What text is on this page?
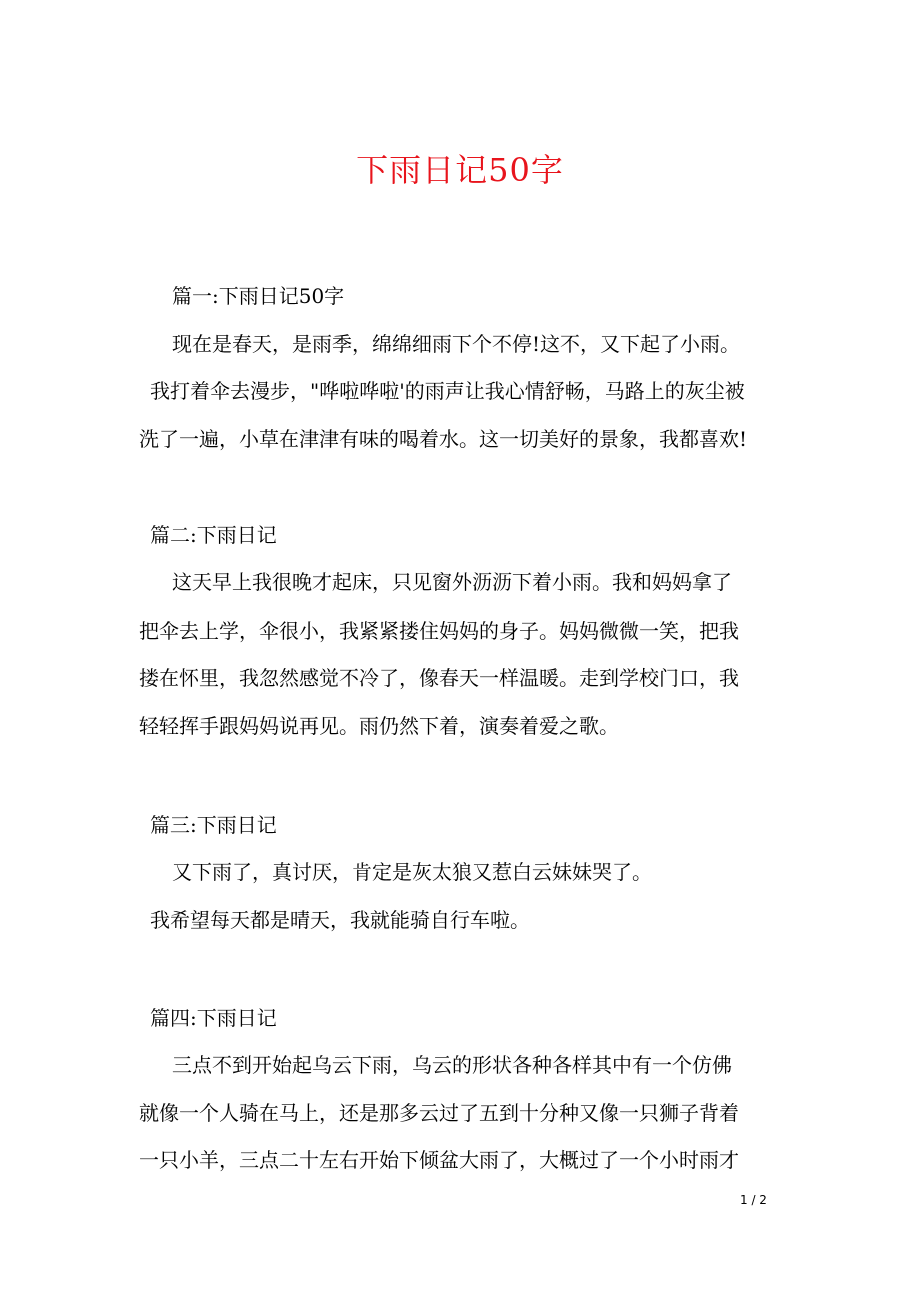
下雨日记50字

篇一:下雨日记50字

现在是春天，是雨季，绵绵细雨下个不停!这不，又下起了小雨。

我打着伞去漫步，"哗啦哗啦'的雨声让我心情舒畅，马路上的灰尘被

洗了一遍，小草在津津有味的喝着水。这一切美好的景象，我都喜欢!

篇二:下雨日记

这天早上我很晚才起床，只见窗外沥沥下着小雨。我和妈妈拿了

把伞去上学，伞很小，我紧紧搂住妈妈的身子。妈妈微微一笑，把我

搂在怀里，我忽然感觉不冷了，像春天一样温暖。走到学校门口，我

轻轻挥手跟妈妈说再见。雨仍然下着，演奏着爱之歌。

篇三:下雨日记

又下雨了，真讨厌，肯定是灰太狼又惹白云妹妹哭了。

我希望每天都是晴天，我就能骑自行车啦。

篇四:下雨日记

三点不到开始起乌云下雨，乌云的形状各种各样其中有一个仿佛

就像一个人骑在马上，还是那多云过了五到十分种又像一只狮子背着

一只小羊，三点二十左右开始下倾盆大雨了，大概过了一个小时雨才

1 / 2
